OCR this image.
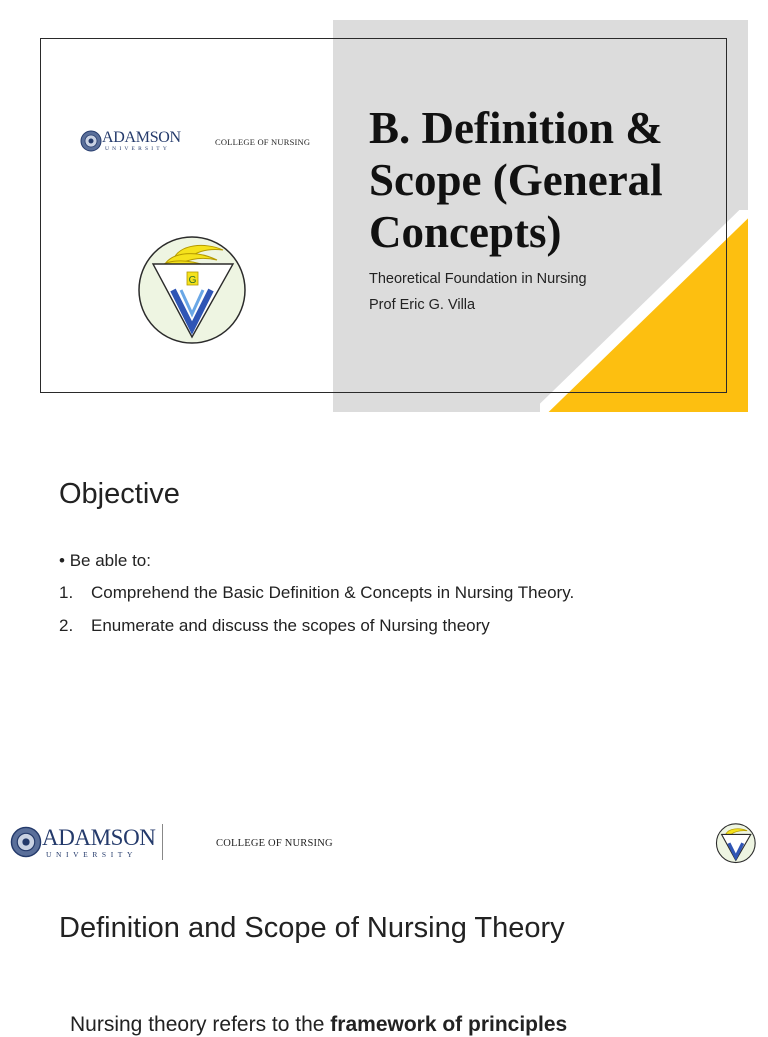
ADAMSON
UNIVERSITY
COLLEGE OF NURSING
G
B. Definition & Scope (General Concepts)
Theoretical Foundation in Nursing
Prof Eric G. Villa
Objective
• Be able to:
1. Comprehend the Basic Definition & Concepts in Nursing Theory.
2. Enumerate and discuss the scopes of Nursing theory
ADAMSON
UNIVERSITY
COLLEGE OF NURSING
Definition and Scope of Nursing Theory
Nursing theory refers to the framework of principles
